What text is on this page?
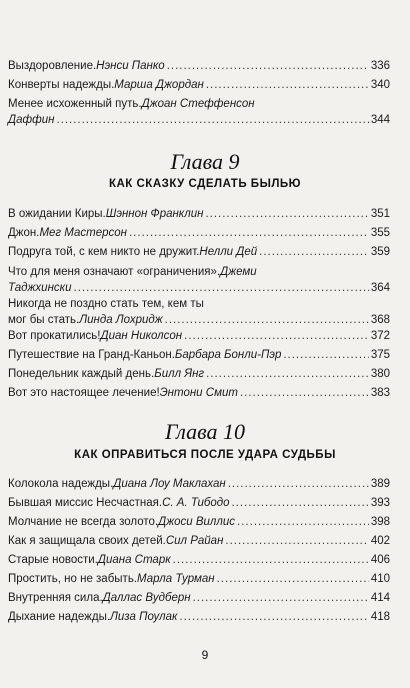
Выздоровление. Нэнси Панко .....	336
Конверты надежды. Марша Джордан .....	340
Менее исхоженный путь. Джоан Стеффенсон
Даффин .....	344
Глава 9
КАК СКАЗКУ СДЕЛАТЬ БЫЛЬЮ
В ожидании Киры. Шэннон Франклин .....	351
Джон. Мег Мастерсон .....	355
Подруга той, с кем никто не дружит. Нелли Дей .....	359
Что для меня означают «ограничения». Джеми
Таджхински .....	364
Никогда не поздно стать тем, кем ты
мог бы стать. Линда Лохридж .....	368
Вот прокатились! Диан Николсон .....	372
Путешествие на Гранд-Каньон. Барбара Бонли-Пэр .....	375
Понедельник каждый день. Билл Янг .....	380
Вот это настоящее лечение! Энтони Смит .....	383
Глава 10
КАК ОПРАВИТЬСЯ ПОСЛЕ УДАРА СУДЬБЫ
Колокола надежды. Диана Лоу Маклахан .....	389
Бывшая миссис Несчастная. С. А. Тибодо .....	393
Молчание не всегда золото. Джоси Виллис .....	398
Как я защищала своих детей. Сил Райан .....	402
Старые новости. Диана Старк .....	406
Простить, но не забыть. Марла Турман .....	410
Внутренняя сила. Даллас Вудберн .....	414
Дыхание надежды. Лиза Поулак .....	418
9
